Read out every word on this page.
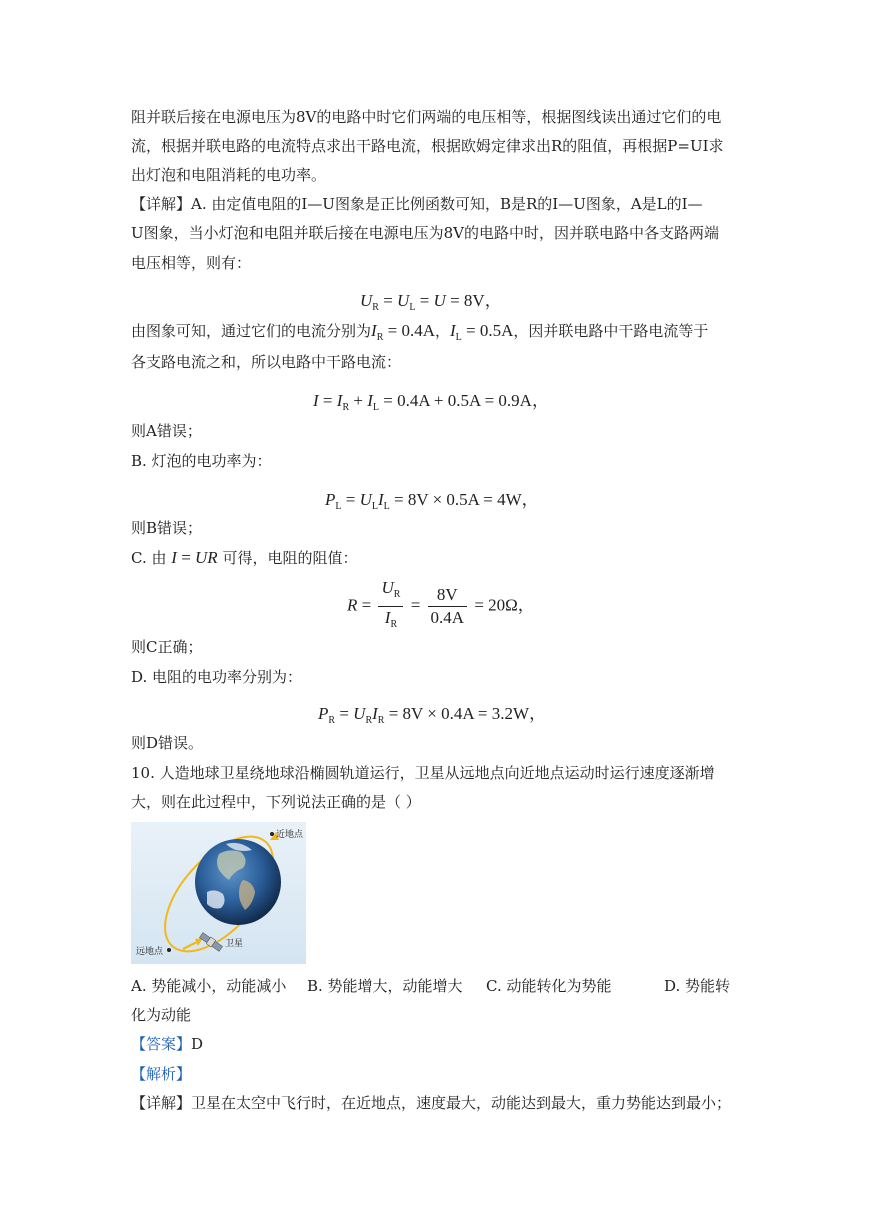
阻并联后接在电源电压为8V的电路中时它们两端的电压相等，根据图线读出通过它们的电
流，根据并联电路的电流特点求出干路电流，根据欧姆定律求出R的阻值，再根据P=UI求
出灯泡和电阻消耗的电功率。
【详解】A. 由定值电阻的I—U图象是正比例函数可知，B是R的I—U图象，A是L的I—
U图象，当小灯泡和电阻并联后接在电源电压为8V的电路中时，因并联电路中各支路两端
电压相等，则有：
$U_R = U_L = U = 8V$，
由图象可知，通过它们的电流分别为$I_R = 0.4A$，$I_L = 0.5A$，因并联电路中干路电流等于
各支路电流之和，所以电路中干路电流：
$I = I_R + I_L = 0.4A + 0.5A = 0.9A$，
则A错误；
B. 灯泡的电功率为：
$P_L = U_LI_L = 8V \times 0.5A = 4W$，
则B错误；
C. 由 I = UR 可得，电阻的阻值：
$R = \frac{U_R}{I_R} = \frac{8V}{0.4A} = 20\Omega$，
则C正确；
D. 电阻的电功率分别为：
$P_R = U_RI_R = 8V \times 0.4A = 3.2W$，
则D错误。
10. 人造地球卫星绕地球沿椭圆轨道运行，卫星从远地点向近地点运动时运行速度逐渐增
大，则在此过程中，下列说法正确的是（ ）
近地点
远地点
卫星
A. 势能减小，动能减小 B. 势能增大，动能增大 C. 动能转化为势能	D. 势能转
化为动能
【答案】D
【解析】
【详解】卫星在太空中飞行时，在近地点，速度最大，动能达到最大，重力势能达到最小；
